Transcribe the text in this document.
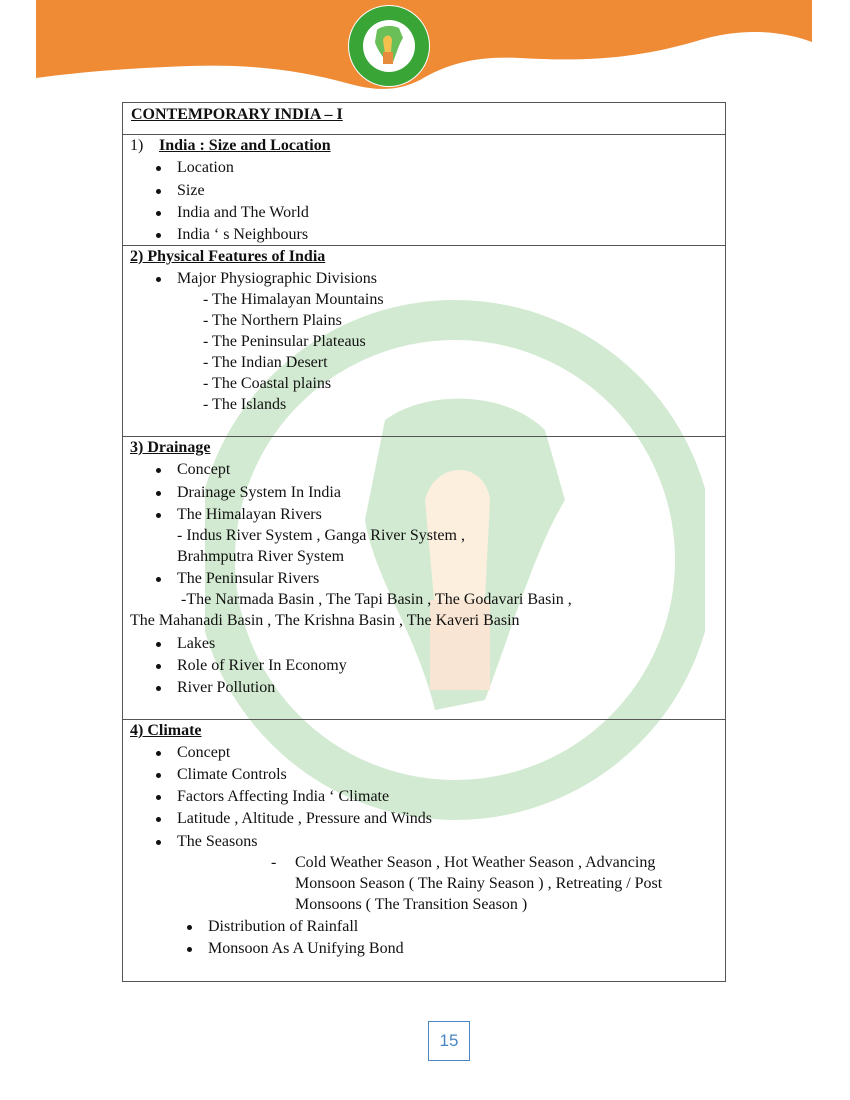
CONTEMPORARY INDIA – I
1) India : Size and Location
Location
Size
India and The World
India ‘ s Neighbours
2) Physical Features of India
Major Physiographic Divisions
- The Himalayan Mountains
- The Northern Plains
- The Peninsular Plateaus
- The Indian Desert
- The Coastal plains
- The Islands
3) Drainage
Concept
Drainage System In India
The Himalayan Rivers
- Indus River System , Ganga River System ,
Brahmputra River System
The Peninsular Rivers
-The Narmada Basin , The Tapi Basin , The Godavari Basin ,
The Mahanadi Basin , The Krishna Basin , The Kaveri Basin
Lakes
Role of River In Economy
River Pollution
4) Climate
Concept
Climate Controls
Factors Affecting India ‘ Climate
Latitude , Altitude , Pressure and Winds
The Seasons
- Cold Weather Season , Hot Weather Season , Advancing
Monsoon Season ( The Rainy Season ) , Retreating / Post
Monsoons ( The Transition Season )
Distribution of Rainfall
Monsoon As A Unifying Bond
15
